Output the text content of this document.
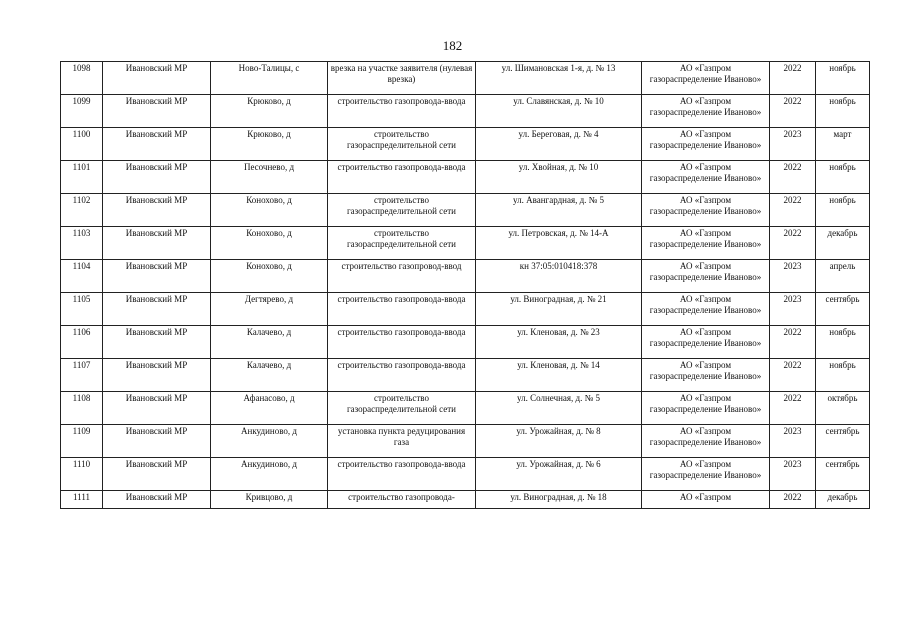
182
1098	Ивановский МР	Ново-Талицы, с	врезка на участке заявителя (нулевая врезка)	ул. Шимановская 1-я, д. № 13	АО «Газпром газораспределение Иваново»	2022	ноябрь
1099	Ивановский МР	Крюково, д	строительство газопровода-ввода	ул. Славянская, д. № 10	АО «Газпром газораспределение Иваново»	2022	ноябрь
1100	Ивановский МР	Крюково, д	строительство газораспределительной сети	ул. Береговая, д. № 4	АО «Газпром газораспределение Иваново»	2023	март
1101	Ивановский МР	Песочнево, д	строительство газопровода-ввода	ул. Хвойная, д. № 10	АО «Газпром газораспределение Иваново»	2022	ноябрь
1102	Ивановский МР	Конохово, д	строительство газораспределительной сети	ул. Авангардная, д. № 5	АО «Газпром газораспределение Иваново»	2022	ноябрь
1103	Ивановский МР	Конохово, д	строительство газораспределительной сети	ул. Петровская, д. № 14-А	АО «Газпром газораспределение Иваново»	2022	декабрь
1104	Ивановский МР	Конохово, д	строительство газопровод-ввод	кн 37:05:010418:378	АО «Газпром газораспределение Иваново»	2023	апрель
1105	Ивановский МР	Дегтярево, д	строительство газопровода-ввода	ул. Виноградная, д. № 21	АО «Газпром газораспределение Иваново»	2023	сентябрь
1106	Ивановский МР	Калачево, д	строительство газопровода-ввода	ул. Кленовая, д. № 23	АО «Газпром газораспределение Иваново»	2022	ноябрь
1107	Ивановский МР	Калачево, д	строительство газопровода-ввода	ул. Кленовая, д. № 14	АО «Газпром газораспределение Иваново»	2022	ноябрь
1108	Ивановский МР	Афанасово, д	строительство газораспределительной сети	ул. Солнечная, д. № 5	АО «Газпром газораспределение Иваново»	2022	октябрь
1109	Ивановский МР	Анкудиново, д	установка пункта редуцирования газа	ул. Урожайная, д. № 8	АО «Газпром газораспределение Иваново»	2023	сентябрь
1110	Ивановский МР	Анкудиново, д	строительство газопровода-ввода	ул. Урожайная, д. № 6	АО «Газпром газораспределение Иваново»	2023	сентябрь
1111	Ивановский МР	Кривцово, д	строительство газопровода-	ул. Виноградная, д. № 18	АО «Газпром	2022	декабрь
